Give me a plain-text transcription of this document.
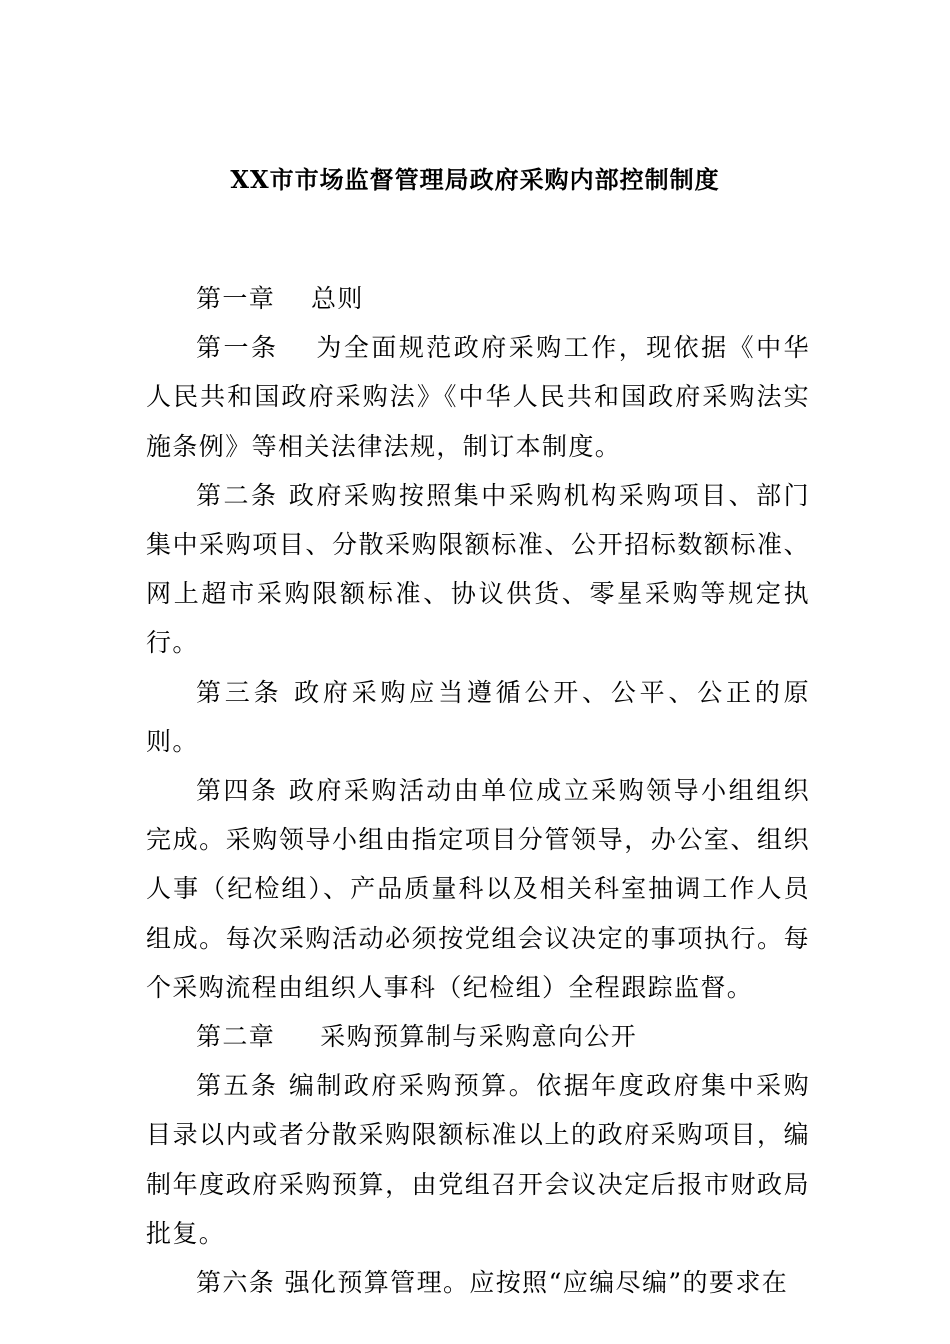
XX市市场监督管理局政府采购内部控制制度

第一章　 总则

第一条　 为全面规范政府采购工作，现依据《中华人民共和国政府采购法》《中华人民共和国政府采购法实施条例》等相关法律法规，制订本制度。

第二条 政府采购按照集中采购机构采购项目、部门集中采购项目、分散采购限额标准、公开招标数额标准、网上超市采购限额标准、协议供货、零星采购等规定执行。

第三条 政府采购应当遵循公开、公平、公正的原则。

第四条 政府采购活动由单位成立采购领导小组组织完成。采购领导小组由指定项目分管领导，办公室、组织人事（纪检组）、产品质量科以及相关科室抽调工作人员组成。每次采购活动必须按党组会议决定的事项执行。每个采购流程由组织人事科（纪检组）全程跟踪监督。

第二章　 采购预算制与采购意向公开

第五条 编制政府采购预算。依据年度政府集中采购目录以内或者分散采购限额标准以上的政府采购项目，编制年度政府采购预算，由党组召开会议决定后报市财政局批复。

第六条 强化预算管理。应按照“应编尽编”的要求在
